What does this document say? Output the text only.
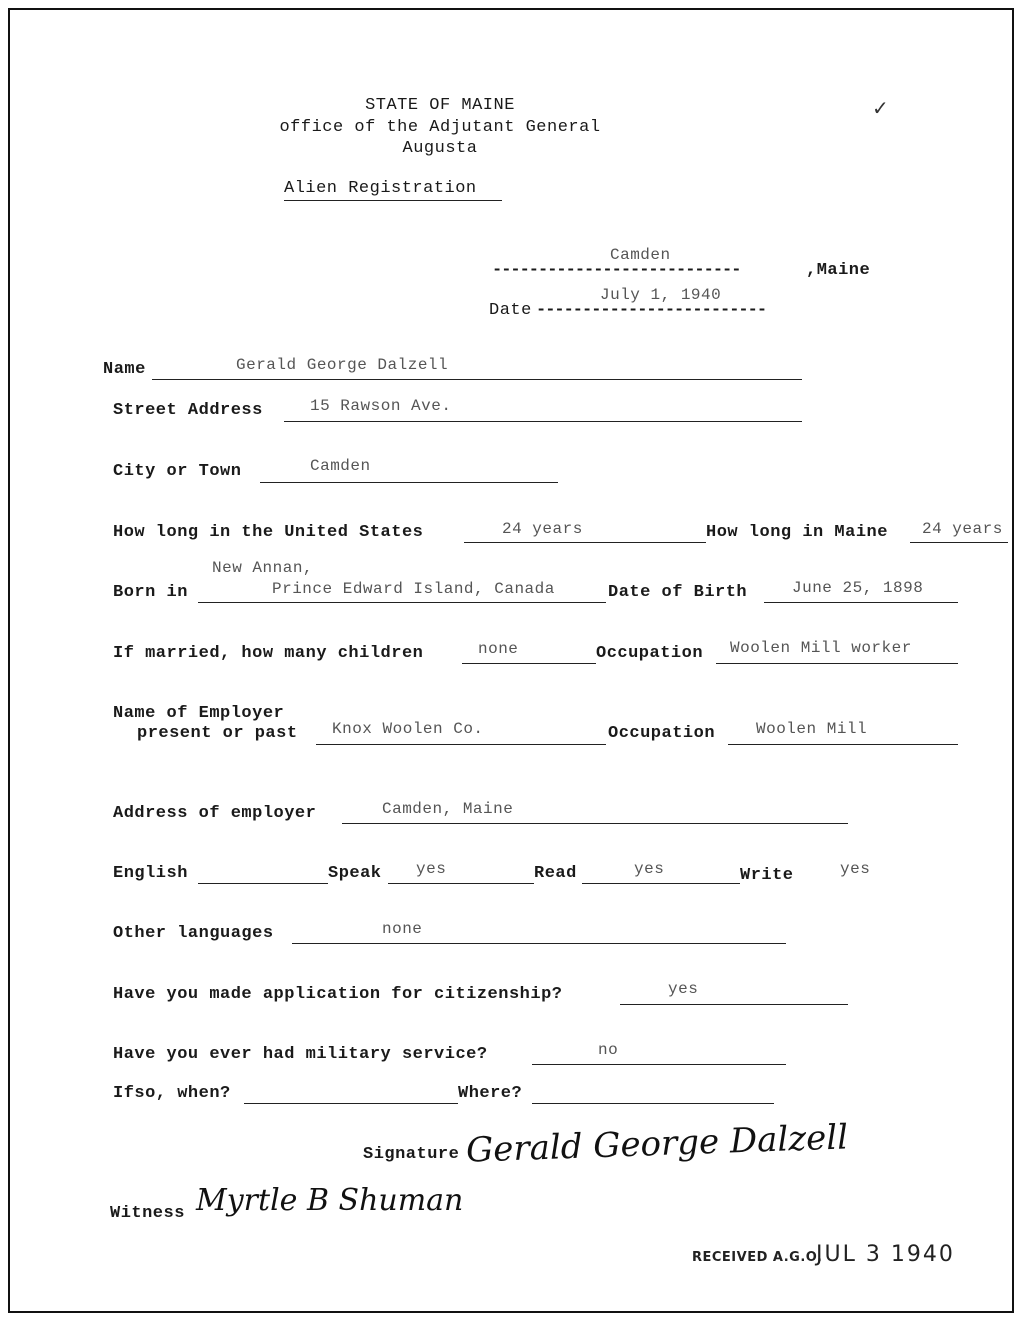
STATE OF MAINE
office of the Adjutant General
Augusta
Alien Registration
✓
Camden
---------------------------	,Maine
July 1, 1940
Date -------------------------
Name	Gerald George Dalzell
Street Address	15 Rawson Ave.
City or Town	Camden
How long in the United States	24 years	How long in Maine 24 years
New Annan,
Born in	Prince Edward Island, Canada	Date of Birth	June 25, 1898
If married, how many children	none	Occupation Woolen Mill worker
Name of Employer
present or past Knox Woolen Co.	Occupation	Woolen Mill
Address of employer	Camden, Maine
English	Speak yes	Read	yes	Write	yes
Other languages	none
Have you made application for citizenship?	yes
Have you ever had military service?	no
Ifso, when?	Where?
Signature Gerald George Dalzell
Witness Myrtle B Shuman
RECEIVED A.G.O.
JUL 3 1940
